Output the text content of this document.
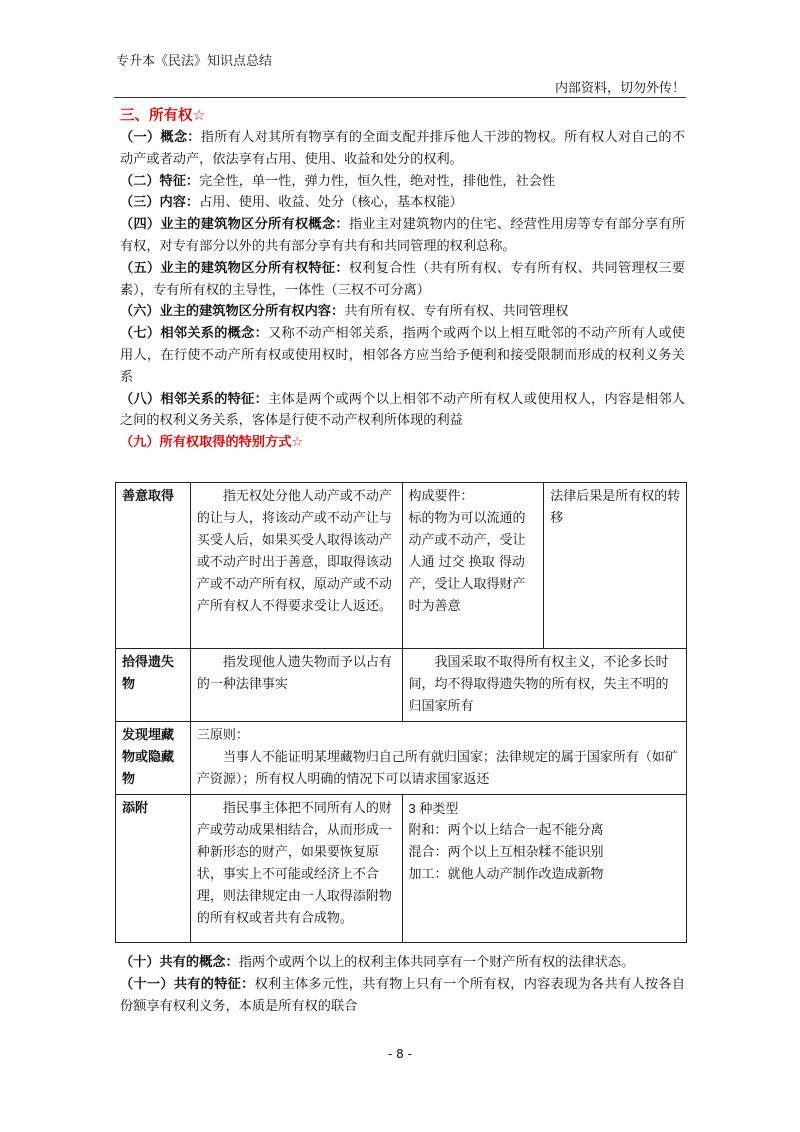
专升本《民法》知识点总结
内部资料，切勿外传！
三、所有权☆

（一）概念：指所有人对其所有物享有的全面支配并排斥他人干涉的物权。所有权人对自己的不动产或者动产，依法享有占用、使用、收益和处分的权利。

（二）特征：完全性，单一性，弹力性，恒久性，绝对性，排他性，社会性

（三）内容：占用、使用、收益、处分（核心，基本权能）

（四）业主的建筑物区分所有权概念：指业主对建筑物内的住宅、经营性用房等专有部分享有所有权，对专有部分以外的共有部分享有共有和共同管理的权利总称。

（五）业主的建筑物区分所有权特征：权利复合性（共有所有权、专有所有权、共同管理权三要素），专有所有权的主导性，一体性（三权不可分离）

（六）业主的建筑物区分所有权内容：共有所有权、专有所有权、共同管理权

（七）相邻关系的概念：又称不动产相邻关系，指两个或两个以上相互毗邻的不动产所有人或使用人，在行使不动产所有权或使用权时，相邻各方应当给予便利和接受限制而形成的权利义务关系

（八）相邻关系的特征：主体是两个或两个以上相邻不动产所有权人或使用权人，内容是相邻人之间的权利义务关系，客体是行使不动产权利所体现的利益

（九）所有权取得的特别方式☆
善意取得	指无权处分他人动产或不动产的让与人，将该动产或不动产让与买受人后，如果买受人取得该动产或不动产时出于善意，即取得该动产或不动产所有权，原动产或不动产所有权人不得要求受让人返还。	构成要件：
标的物为可以流通的动产或不动产，受让人通 过交 换取 得动产，受让人取得财产时为善意	法律后果是所有权的转移
拾得遗失物	指发现他人遗失物而予以占有的一种法律事实	我国采取不取得所有权主义，不论多长时间，均不得取得遗失物的所有权，失主不明的归国家所有	

发现埋藏物或隐藏物	三原则：
当事人不能证明某埋藏物归自己所有就归国家；法律规定的属于国家所有（如矿产资源）；所有权人明确的情况下可以请求国家返还		

添附	指民事主体把不同所有人的财产或劳动成果相结合，从而形成一种新形态的财产，如果要恢复原状，事实上不可能或经济上不合理，则法律规定由一人取得添附物的所有权或者共有合成物。	3 种类型
附和：两个以上结合一起不能分离
混合：两个以上互相杂糅不能识别
加工：就他人动产制作改造成新物	

（十）共有的概念：指两个或两个以上的权利主体共同享有一个财产所有权的法律状态。

（十一）共有的特征：权利主体多元性，共有物上只有一个所有权，内容表现为各共有人按各自份额享有权利义务，本质是所有权的联合

- 8 -
